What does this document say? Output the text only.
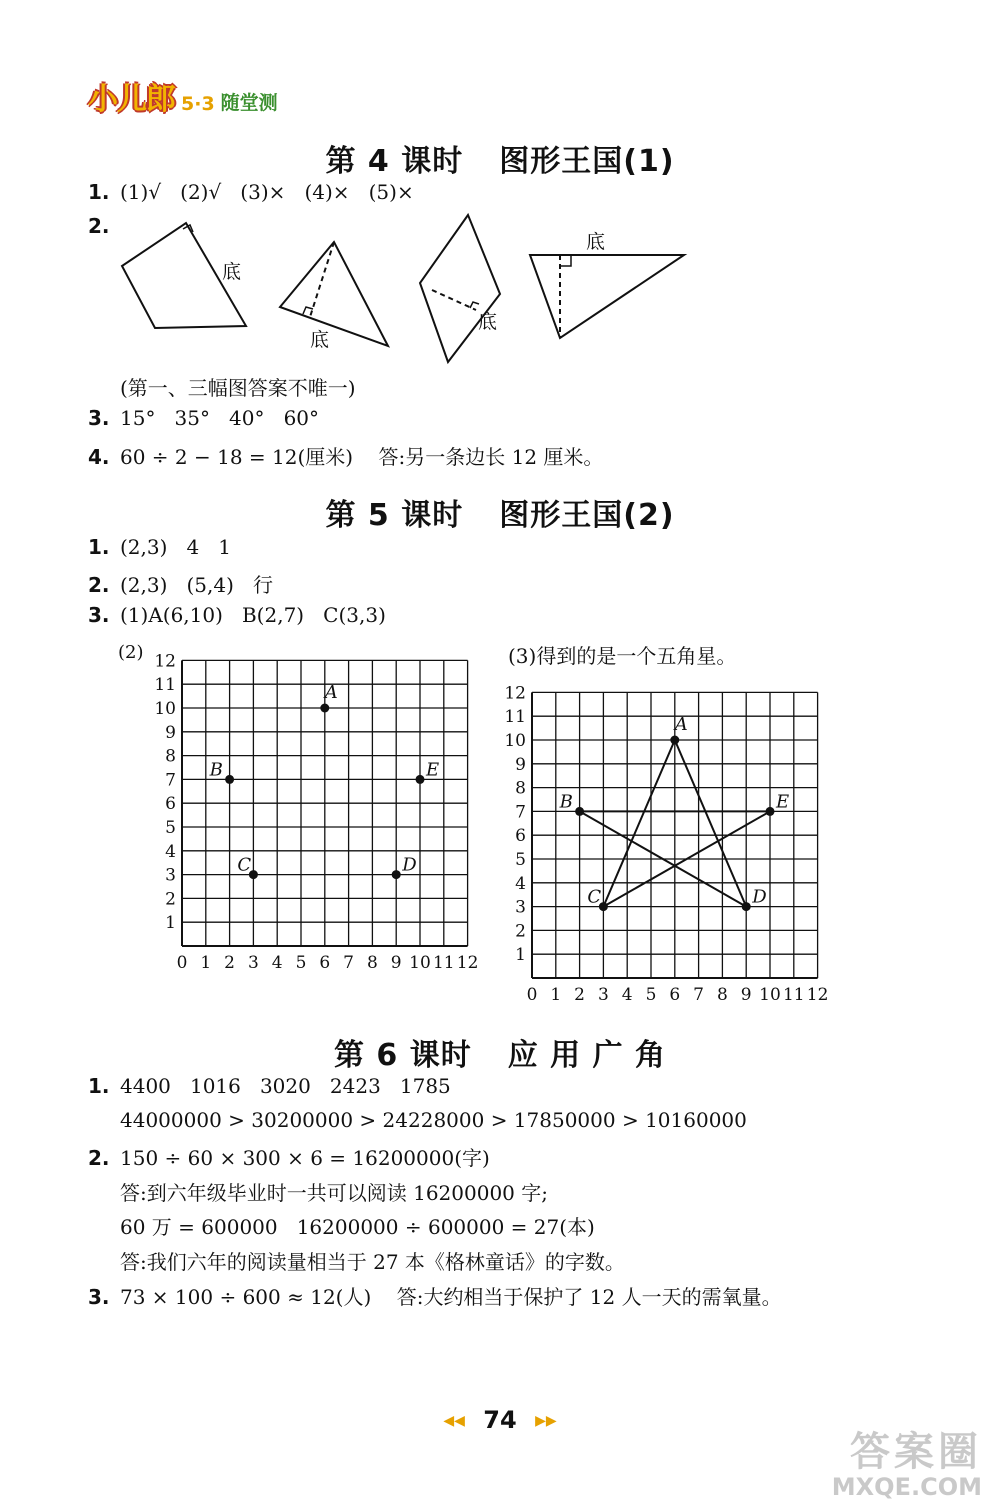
小儿郎 5·3 随堂测
第 4 课时 图形王国(1)
1. (1)√   (2)√   (3)×   (4)×   (5)×
2.
底
底
底
底
(第一、三幅图答案不唯一)
3. 15°   35°   40°   60°
4. 60 ÷ 2 − 18 = 12(厘米)    答:另一条边长 12 厘米。
第 5 课时 图形王国(2)
1. (2,3)   4   1
2. (2,3)   (5,4)   行
3. (1)A(6,10)   B(2,7)   C(3,3)
(2)	(3)得到的是一个五角星。
0 1
1
2
2
3
3
4
4
5
5
6
6
7
7
8
8
9
9
10
10
11
11
12
12
A
B
C	D
E
0 1
1
2
2
3
3
4
4
5
5
6
6
7
7
8
8
9
9
10
10
11
11
12
12
A
B
C	D
E
第 6 课时 应 用 广 角
1. 4400   1016   3020   2423   1785
44000000 > 30200000 > 24228000 > 17850000 > 10160000
2. 150 ÷ 60 × 300 × 6 = 16200000(字)
答:到六年级毕业时一共可以阅读 16200000 字;
60 万 = 600000   16200000 ÷ 600000 = 27(本)
答:我们六年的阅读量相当于 27 本《格林童话》的字数。
3. 73 × 100 ÷ 600 ≈ 12(人)    答:大约相当于保护了 12 人一天的需氧量。
◀◀ 74 ▶▶
答案圈
MXQE.COM
